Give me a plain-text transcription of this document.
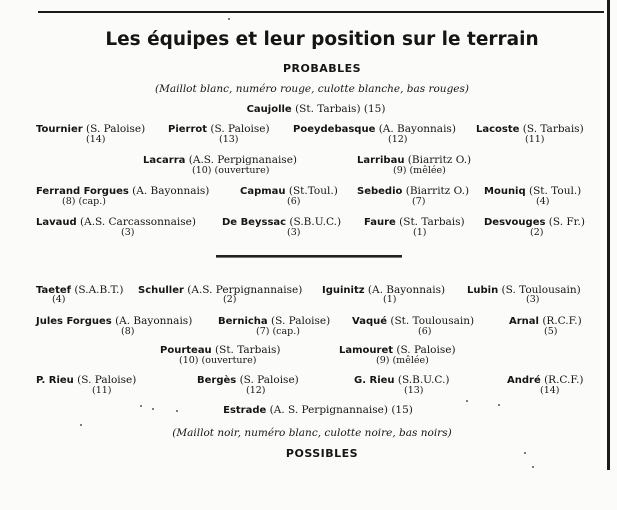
Les équipes et leur position sur le terrain
PROBABLES
(Maillot blanc, numéro rouge, culotte blanche, bas rouges)
Caujolle (St. Tarbais) (15)
Tournier (S. Paloise)
(14)
Pierrot (S. Paloise)
(13)
Poeydebasque (A. Bayonnais)
(12)
Lacoste (S. Tarbais)
(11)
Lacarra (A.S. Perpignanaise)
(10) (ouverture)
Larribau (Biarritz O.)
(9) (mêlée)
Ferrand Forgues (A. Bayonnais)
(8) (cap.)
Capmau (St.Toul.)
(6)
Sebedio (Biarritz O.)
(7)
Mouniq (St. Toul.)
(4)
Lavaud (A.S. Carcassonnaise)
(3)
De Beyssac (S.B.U.C.)
(3)
Faure (St. Tarbais)
(1)
Desvouges (S. Fr.)
(2)
Taetef (S.A.B.T.)
(4)
Schuller (A.S. Perpignannaise)
(2)
Iguinitz (A. Bayonnais)
(1)
Lubin (S. Toulousain)
(3)
Jules Forgues (A. Bayonnais)
(8)
Bernicha (S. Paloise)
(7) (cap.)
Vaqué (St. Toulousain)
(6)
Arnal (R.C.F.)
(5)
Pourteau (St. Tarbais)
(10) (ouverture)
Lamouret (S. Paloise)
(9) (mêlée)
P. Rieu (S. Paloise)
(11)
Bergès (S. Paloise)
(12)
G. Rieu (S.B.U.C.)
(13)
André (R.C.F.)
(14)
Estrade (A. S. Perpignannaise) (15)
(Maillot noir, numéro blanc, culotte noire, bas noirs)
POSSIBLES
